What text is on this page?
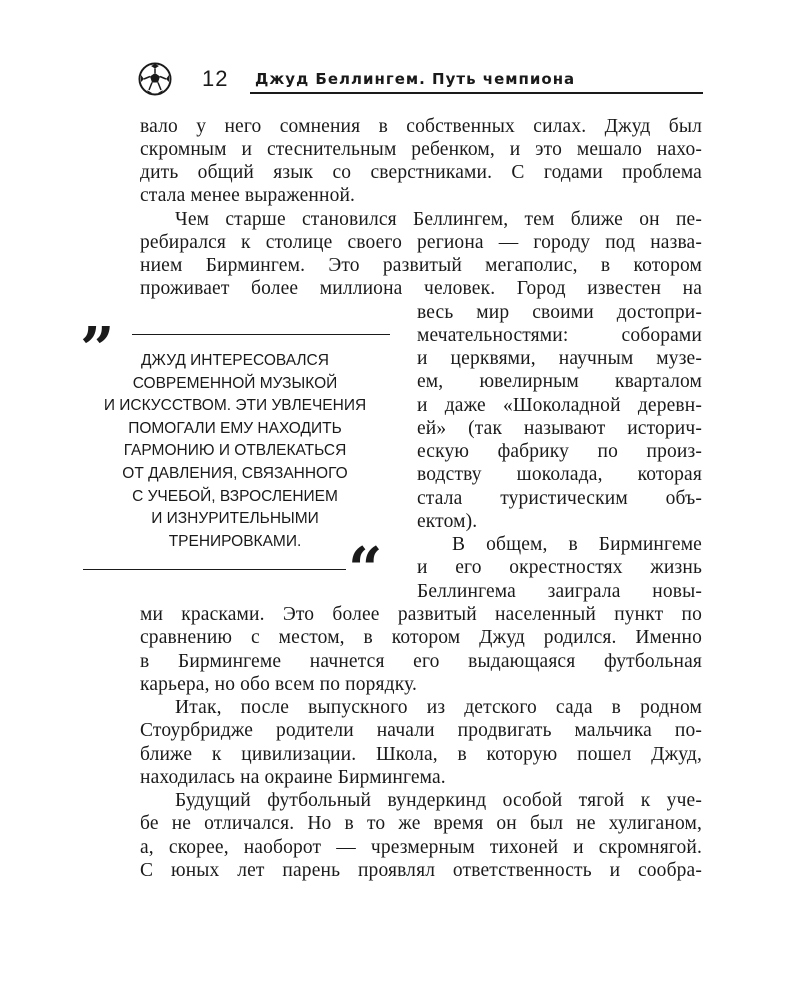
12 Джуд Беллингем. Путь чемпиона
вало у него сомнения в собственных силах. Джуд был
скромным и стеснительным ребенком, и это мешало нахо-
дить общий язык со сверстниками. С годами проблема
стала менее выраженной.
Чем старше становился Беллингем, тем ближе он пе-
ребирался к столице своего региона — городу под назва-
нием Бирмингем. Это развитый мегаполис, в котором
проживает более миллиона человек. Город известен на
весь мир своими достопри-
мечательностями: соборами
и церквями, научным музе-
ем, ювелирным кварталом
и даже «Шоколадной деревн-
ей» (так называют историч-
ескую фабрику по произ-
водству шоколада, которая
стала туристическим объ-
ектом).
В общем, в Бирмингеме
и его окрестностях жизнь
Беллингема заиграла новы-
ми красками. Это более развитый населенный пункт по
сравнению с местом, в котором Джуд родился. Именно
в Бирмингеме начнется его выдающаяся футбольная
карьера, но обо всем по порядку.
Итак, после выпускного из детского сада в родном
Стоурбридже родители начали продвигать мальчика по-
ближе к цивилизации. Школа, в которую пошел Джуд,
находилась на окраине Бирмингема.
Будущий футбольный вундеркинд особой тягой к уче-
бе не отличался. Но в то же время он был не хулиганом,
а, скорее, наоборот — чрезмерным тихоней и скромнягой.
С юных лет парень проявлял ответственность и сообра-
”	ДЖУД ИНТЕРЕСОВАЛСЯ
СОВРЕМЕННОЙ МУЗЫКОЙ
И ИСКУССТВОМ. ЭТИ УВЛЕЧЕНИЯ
ПОМОГАЛИ ЕМУ НАХОДИТЬ
ГАРМОНИЮ И ОТВЛЕКАТЬСЯ
ОТ ДАВЛЕНИЯ, СВЯЗАННОГО
С УЧЕБОЙ, ВЗРОСЛЕНИЕМ
И ИЗНУРИТЕЛЬНЫМИ
ТРЕНИРОВКАМИ. “
